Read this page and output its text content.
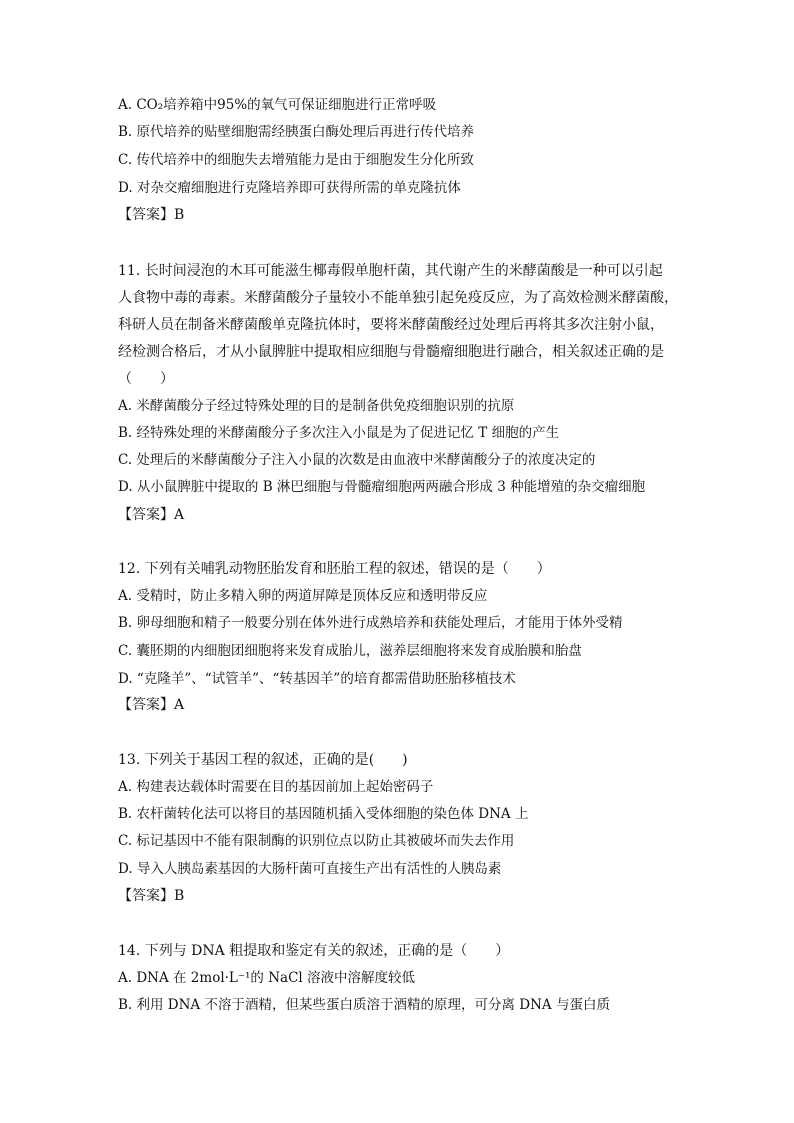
A. CO₂培养箱中95%的氧气可保证细胞进行正常呼吸
B. 原代培养的贴壁细胞需经胰蛋白酶处理后再进行传代培养
C. 传代培养中的细胞失去增殖能力是由于细胞发生分化所致
D. 对杂交瘤细胞进行克隆培养即可获得所需的单克隆抗体
【答案】B
11. 长时间浸泡的木耳可能滋生椰毒假单胞杆菌，其代谢产生的米酵菌酸是一种可以引起
人食物中毒的毒素。米酵菌酸分子量较小不能单独引起免疫反应，为了高效检测米酵菌酸，
科研人员在制备米酵菌酸单克隆抗体时，要将米酵菌酸经过处理后再将其多次注射小鼠，
经检测合格后，才从小鼠脾脏中提取相应细胞与骨髓瘤细胞进行融合，相关叙述正确的是
（　　）
A. 米酵菌酸分子经过特殊处理的目的是制备供免疫细胞识别的抗原
B. 经特殊处理的米酵菌酸分子多次注入小鼠是为了促进记忆 T 细胞的产生
C. 处理后的米酵菌酸分子注入小鼠的次数是由血液中米酵菌酸分子的浓度决定的
D. 从小鼠脾脏中提取的 B 淋巴细胞与骨髓瘤细胞两两融合形成 3 种能增殖的杂交瘤细胞
【答案】A
12. 下列有关哺乳动物胚胎发育和胚胎工程的叙述，错误的是（　　）
A. 受精时，防止多精入卵的两道屏障是顶体反应和透明带反应
B. 卵母细胞和精子一般要分别在体外进行成熟培养和获能处理后，才能用于体外受精
C. 囊胚期的内细胞团细胞将来发育成胎儿，滋养层细胞将来发育成胎膜和胎盘
D. “克隆羊”、“试管羊”、“转基因羊”的培育都需借助胚胎移植技术
【答案】A
13. 下列关于基因工程的叙述，正确的是(　　)
A. 构建表达载体时需要在目的基因前加上起始密码子
B. 农杆菌转化法可以将目的基因随机插入受体细胞的染色体 DNA 上
C. 标记基因中不能有限制酶的识别位点以防止其被破坏而失去作用
D. 导入人胰岛素基因的大肠杆菌可直接生产出有活性的人胰岛素
【答案】B
14. 下列与 DNA 粗提取和鉴定有关的叙述，正确的是（　　）
A. DNA 在 2mol·L⁻¹的 NaCl 溶液中溶解度较低
B. 利用 DNA 不溶于酒精，但某些蛋白质溶于酒精的原理，可分离 DNA 与蛋白质
